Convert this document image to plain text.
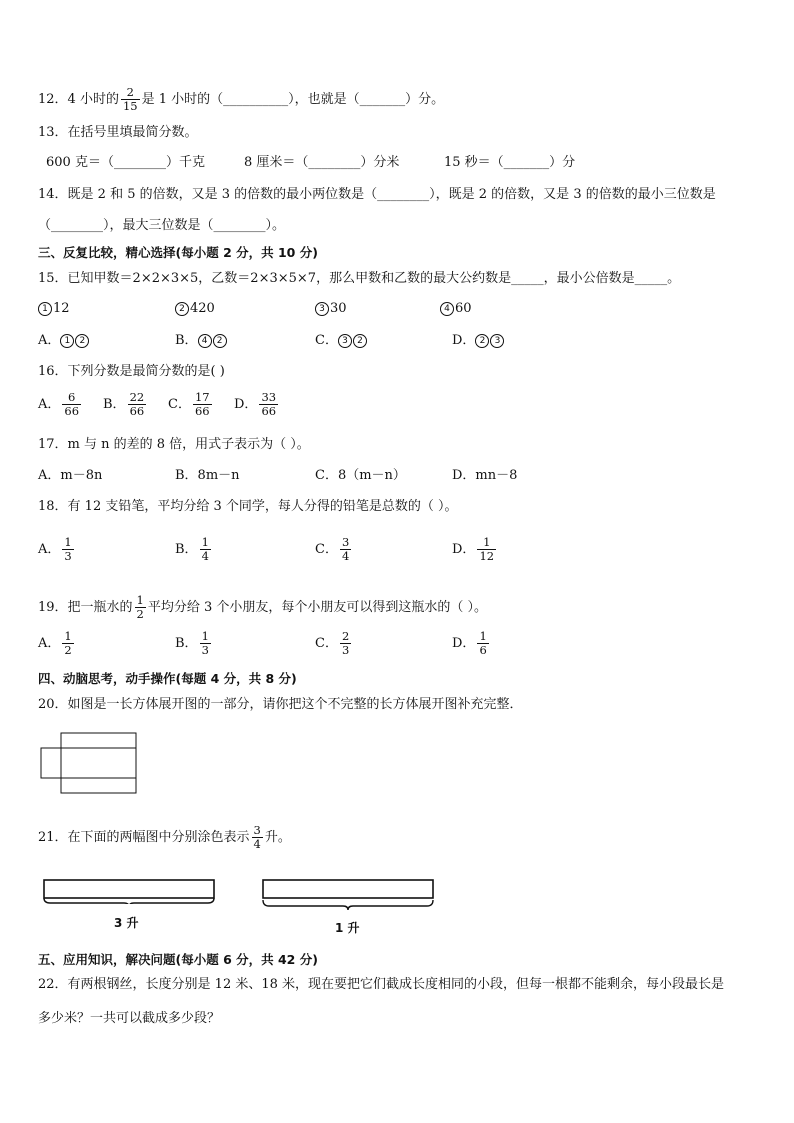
12．4 小时的 $\frac{2}{15}$ 是 1 小时的（__________），也就是（_______）分。
13．在括号里填最简分数。
600 克＝（________）千克	8 厘米＝（________）分米	15 秒＝（_______）分
14．既是 2 和 5 的倍数，又是 3 的倍数的最小两位数是（________），既是 2 的倍数，又是 3 的倍数的最小三位数是
（________），最大三位数是（________）。
三、反复比较，精心选择(每小题 2 分，共 10 分)
15．已知甲数＝2×2×3×5，乙数＝2×3×5×7，那么甲数和乙数的最大公约数是_____，最小公倍数是_____。
1 12	2 420	3 30	4 60
A． 1 2	B． 4 2	C． 3 2	D． 2 3
16．下列分数是最简分数的是( )
A． $\frac{6}{66}$ B． $\frac{22}{66}$ C． $\frac{17}{66}$ D． $\frac{33}{66}$
17．m 与 n 的差的 8 倍，用式子表示为（ ）。
A．m－8n	B．8m－n	C．8（m－n）	D．mn－8
18．有 12 支铅笔，平均分给 3 个同学，每人分得的铅笔是总数的（ ）。
A． $\frac{1}{3}$	B． $\frac{1}{4}$	C． $\frac{3}{4}$	D． $\frac{1}{12}$
19．把一瓶水的 $\frac{1}{2}$ 平均分给 3 个小朋友，每个小朋友可以得到这瓶水的（ ）。
A． $\frac{1}{2}$	B． $\frac{1}{3}$	C． $\frac{2}{3}$	D． $\frac{1}{6}$
四、动脑思考，动手操作(每题 4 分，共 8 分)
20．如图是一长方体展开图的一部分，请你把这个不完整的长方体展开图补充完整．
21．在下面的两幅图中分别涂色表示 $\frac{3}{4}$ 升。
3 升	1 升
五、应用知识，解决问题(每小题 6 分，共 42 分)
22．有两根钢丝，长度分别是 12 米、18 米，现在要把它们截成长度相同的小段，但每一根都不能剩余，每小段最长是
多少米？一共可以截成多少段？
